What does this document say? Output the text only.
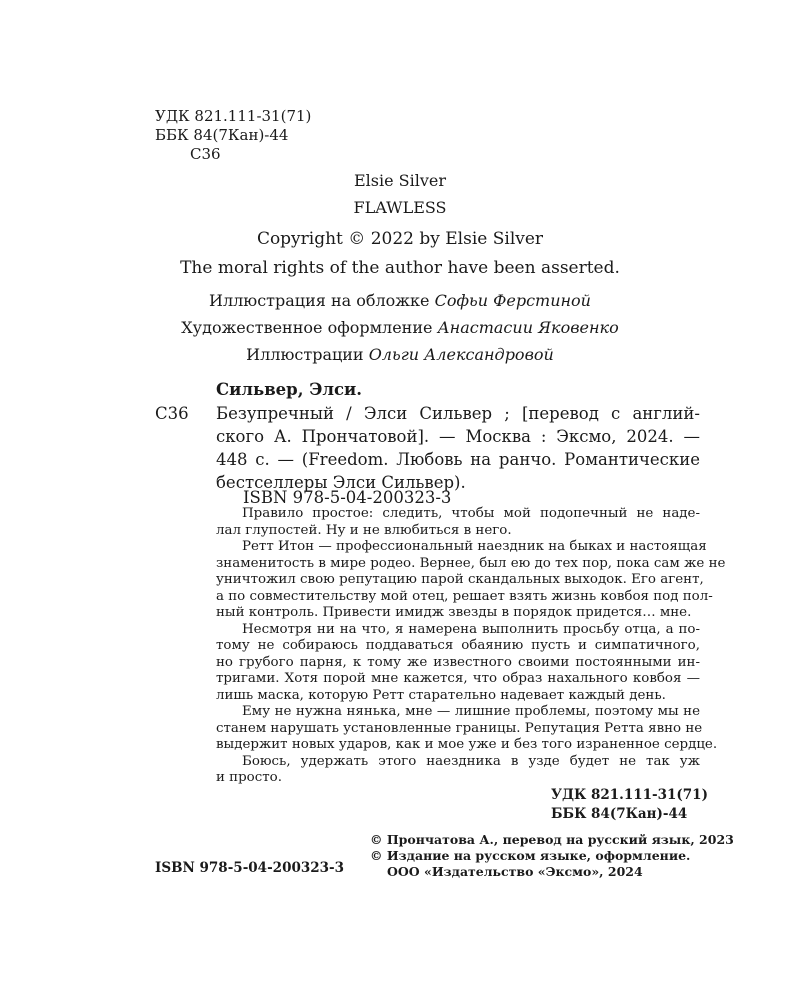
УДК 821.111-31(71)
ББК 84(7Кан)-44
С36
Elsie Silver
FLAWLESS
Copyright © 2022 by Elsie Silver
The moral rights of the author have been asserted.
Иллюстрация на обложке Софьи Ферстиной
Художественное оформление Анастасии Яковенко
Иллюстрации Ольги Александровой
Сильвер, Элси.
С36 Безупречный / Элси Сильвер ; [перевод с англий-
ского А. Прончатовой]. — Москва : Эксмо, 2024. —
448 с. — (Freedom. Любовь на ранчо. Романтические
бестселлеры Элси Сильвер).
ISBN 978-5-04-200323-3
Правило простое: следить, чтобы мой подопечный не наде-
лал глупостей. Ну и не влюбиться в него.
Ретт Итон — профессиональный наездник на быках и настоящая
знаменитость в мире родео. Вернее, был ею до тех пор, пока сам же не
уничтожил свою репутацию парой скандальных выходок. Его агент,
а по совместительству мой отец, решает взять жизнь ковбоя под пол-
ный контроль. Привести имидж звезды в порядок придется… мне.
Несмотря ни на что, я намерена выполнить просьбу отца, а по-
тому не собираюсь поддаваться обаянию пусть и симпатичного,
но грубого парня, к тому же известного своими постоянными ин-
тригами. Хотя порой мне кажется, что образ нахального ковбоя —
лишь маска, которую Ретт старательно надевает каждый день.
Ему не нужна нянька, мне — лишние проблемы, поэтому мы не
станем нарушать установленные границы. Репутация Ретта явно не
выдержит новых ударов, как и мое уже и без того израненное сердце.
Боюсь, удержать этого наездника в узде будет не так уж
и просто.
УДК 821.111-31(71)
ББК 84(7Кан)-44
ISBN 978-5-04-200323-3
© Прончатова А., перевод на русский язык, 2023
© Издание на русском языке, оформление.
ООО «Издательство «Эксмо», 2024
